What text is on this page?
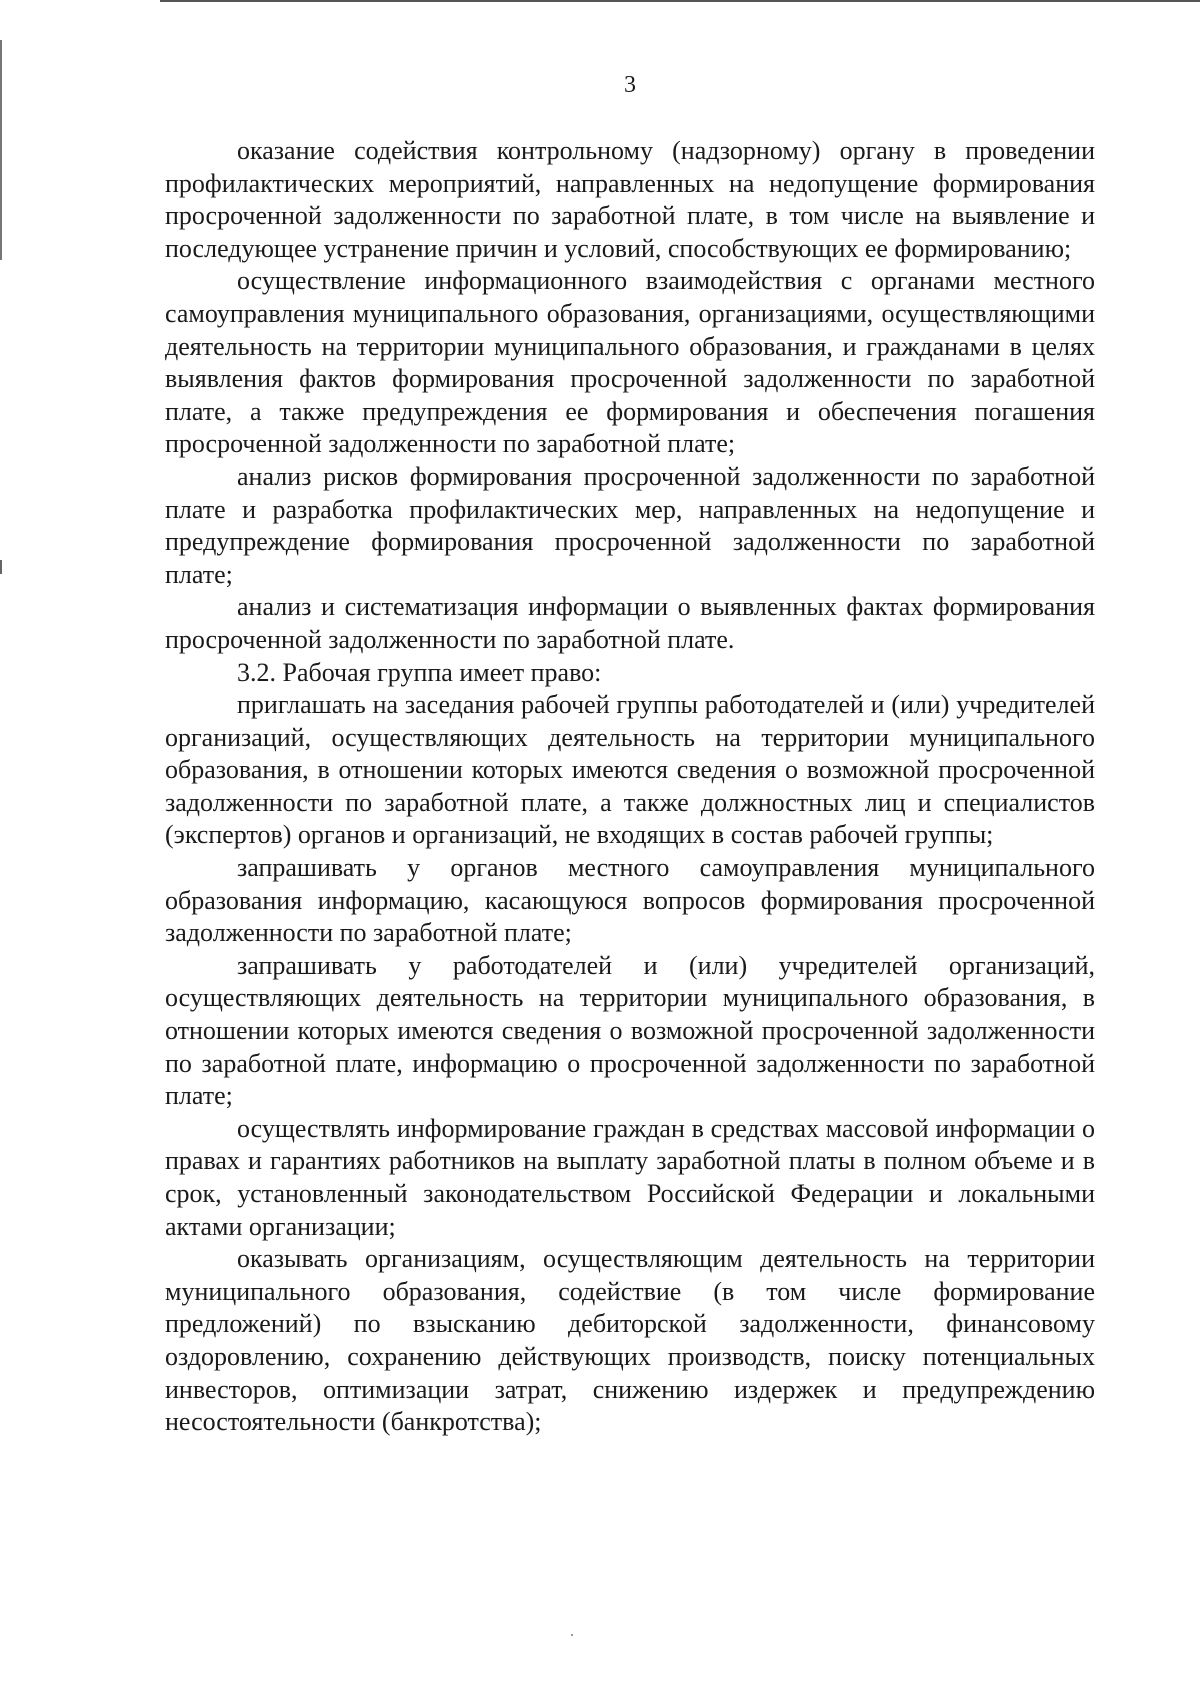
3

оказание содействия контрольному (надзорному) органу в проведении профилактических мероприятий, направленных на недопущение формирования просроченной задолженности по заработной плате, в том числе на выявление и последующее устранение причин и условий, способствующих ее формированию;

осуществление информационного взаимодействия с органами местного самоуправления муниципального образования, организациями, осуществляющими деятельность на территории муниципального образования, и гражданами в целях выявления фактов формирования просроченной задолженности по заработной плате, а также предупреждения ее формирования и обеспечения погашения просроченной задолженности по заработной плате;

анализ рисков формирования просроченной задолженности по заработной плате и разработка профилактических мер, направленных на недопущение и предупреждение формирования просроченной задолженности по заработной плате;

анализ и систематизация информации о выявленных фактах формирования просроченной задолженности по заработной плате.

3.2. Рабочая группа имеет право:

приглашать на заседания рабочей группы работодателей и (или) учредителей организаций, осуществляющих деятельность на территории муниципального образования, в отношении которых имеются сведения о возможной просроченной задолженности по заработной плате, а также должностных лиц и специалистов (экспертов) органов и организаций, не входящих в состав рабочей группы;

запрашивать у органов местного самоуправления муниципального образования информацию, касающуюся вопросов формирования просроченной задолженности по заработной плате;

запрашивать у работодателей и (или) учредителей организаций, осуществляющих деятельность на территории муниципального образования, в отношении которых имеются сведения о возможной просроченной задолженности по заработной плате, информацию о просроченной задолженности по заработной плате;

осуществлять информирование граждан в средствах массовой информации о правах и гарантиях работников на выплату заработной платы в полном объеме и в срок, установленный законодательством Российской Федерации и локальными актами организации;

оказывать организациям, осуществляющим деятельность на территории муниципального образования, содействие (в том числе формирование предложений) по взысканию дебиторской задолженности, финансовому оздоровлению, сохранению действующих производств, поиску потенциальных инвесторов, оптимизации затрат, снижению издержек и предупреждению несостоятельности (банкротства);
